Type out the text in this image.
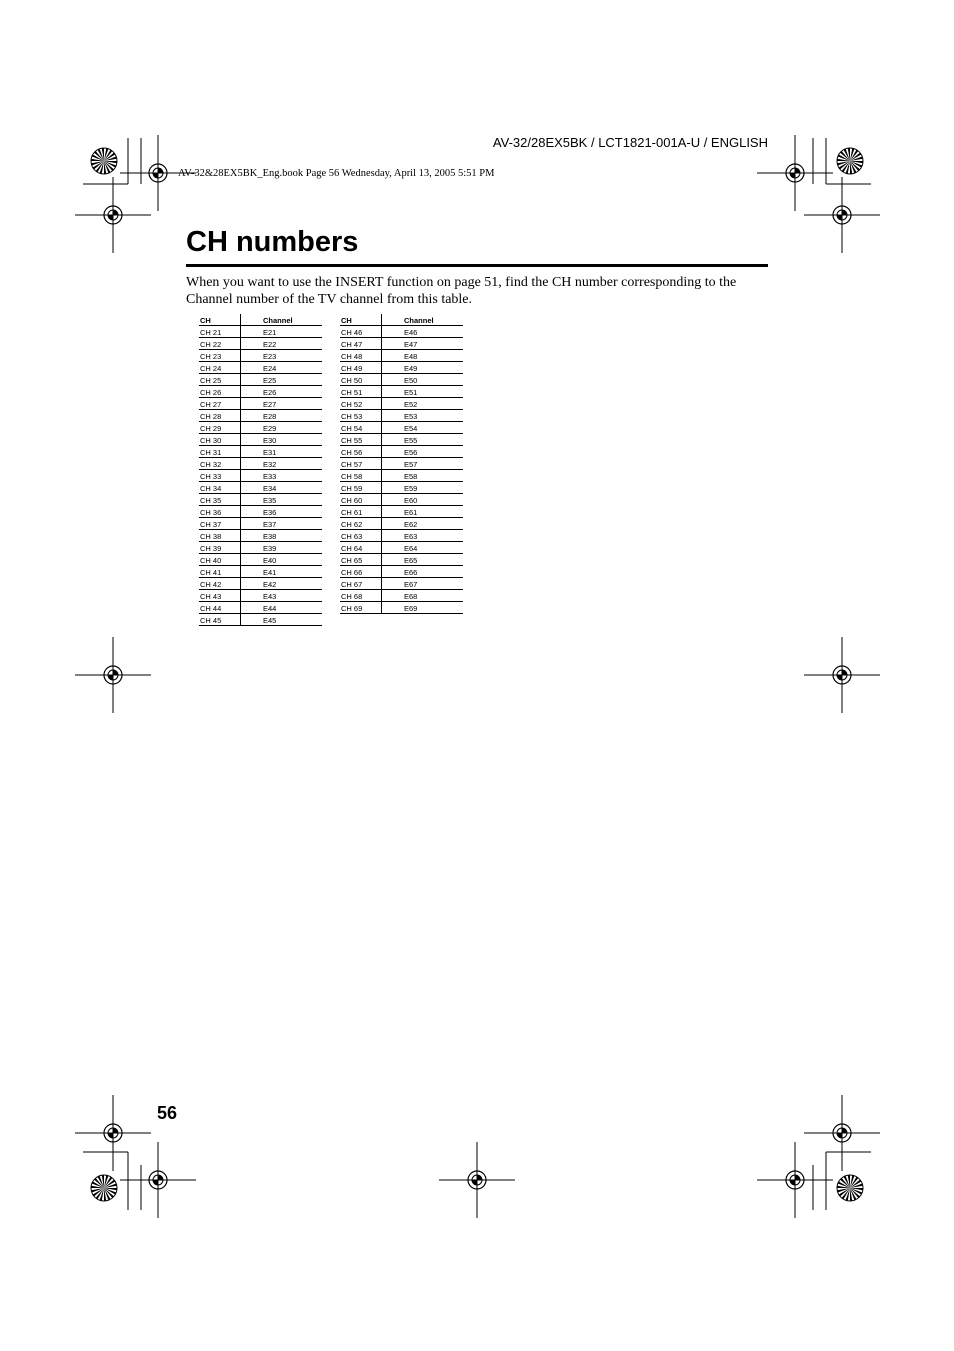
AV-32/28EX5BK / LCT1821-001A-U / ENGLISH
AV-32&28EX5BK_Eng.book Page 56 Wednesday, April 13, 2005 5:51 PM
CH numbers

When you want to use the INSERT function on page 51, find the CH number corresponding to the Channel number of the TV channel from this table.

CH	Channel
CH 21	E21
CH 22	E22
CH 23	E23
CH 24	E24
CH 25	E25
CH 26	E26
CH 27	E27
CH 28	E28
CH 29	E29
CH 30	E30
CH 31	E31
CH 32	E32
CH 33	E33
CH 34	E34
CH 35	E35
CH 36	E36
CH 37	E37
CH 38	E38
CH 39	E39
CH 40	E40
CH 41	E41
CH 42	E42
CH 43	E43
CH 44	E44
CH 45	E45
CH	Channel
CH 46	E46
CH 47	E47
CH 48	E48
CH 49	E49
CH 50	E50
CH 51	E51
CH 52	E52
CH 53	E53
CH 54	E54
CH 55	E55
CH 56	E56
CH 57	E57
CH 58	E58
CH 59	E59
CH 60	E60
CH 61	E61
CH 62	E62
CH 63	E63
CH 64	E64
CH 65	E65
CH 66	E66
CH 67	E67
CH 68	E68
CH 69	E69
56
